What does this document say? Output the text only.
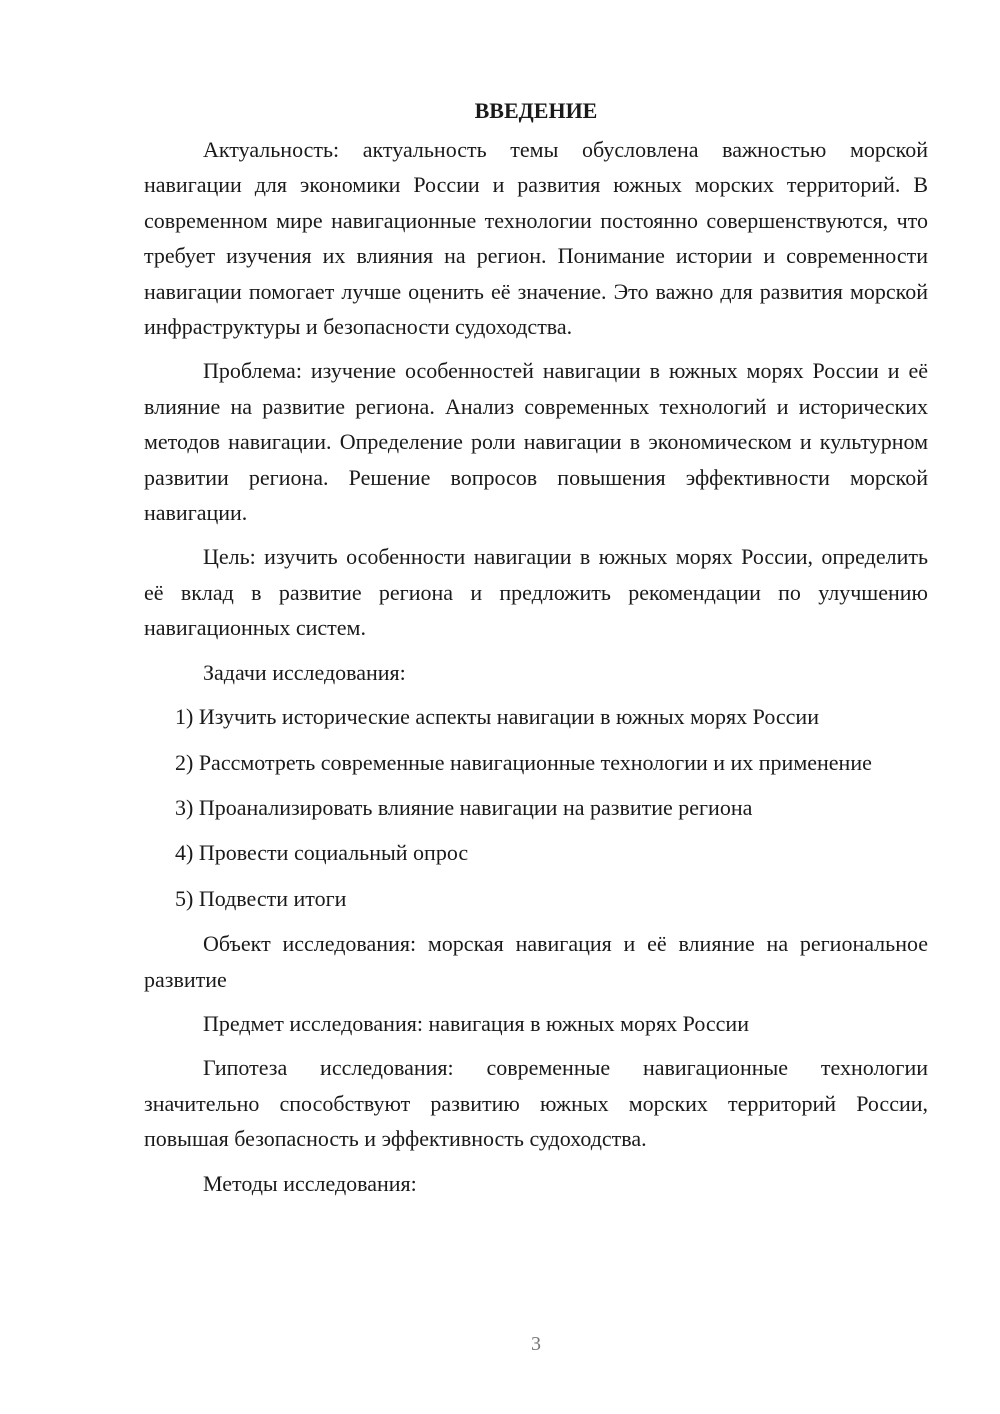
ВВЕДЕНИЕ

Актуальность: актуальность темы обусловлена важностью морской навигации для экономики России и развития южных морских территорий. В современном мире навигационные технологии постоянно совершенствуются, что требует изучения их влияния на регион. Понимание истории и современности навигации помогает лучше оценить её значение. Это важно для развития морской инфраструктуры и безопасности судоходства.

Проблема: изучение особенностей навигации в южных морях России и её влияние на развитие региона. Анализ современных технологий и исторических методов навигации. Определение роли навигации в экономическом и культурном развитии региона. Решение вопросов повышения эффективности морской навигации.

Цель: изучить особенности навигации в южных морях России, определить её вклад в развитие региона и предложить рекомендации по улучшению навигационных систем.

Задачи исследования:

1) Изучить исторические аспекты навигации в южных морях России

2) Рассмотреть современные навигационные технологии и их применение

3) Проанализировать влияние навигации на развитие региона

4) Провести социальный опрос

5) Подвести итоги

Объект исследования: морская навигация и её влияние на региональное развитие

Предмет исследования: навигация в южных морях России

Гипотеза исследования: современные навигационные технологии значительно способствуют развитию южных морских территорий России, повышая безопасность и эффективность судоходства.

Методы исследования:

3
